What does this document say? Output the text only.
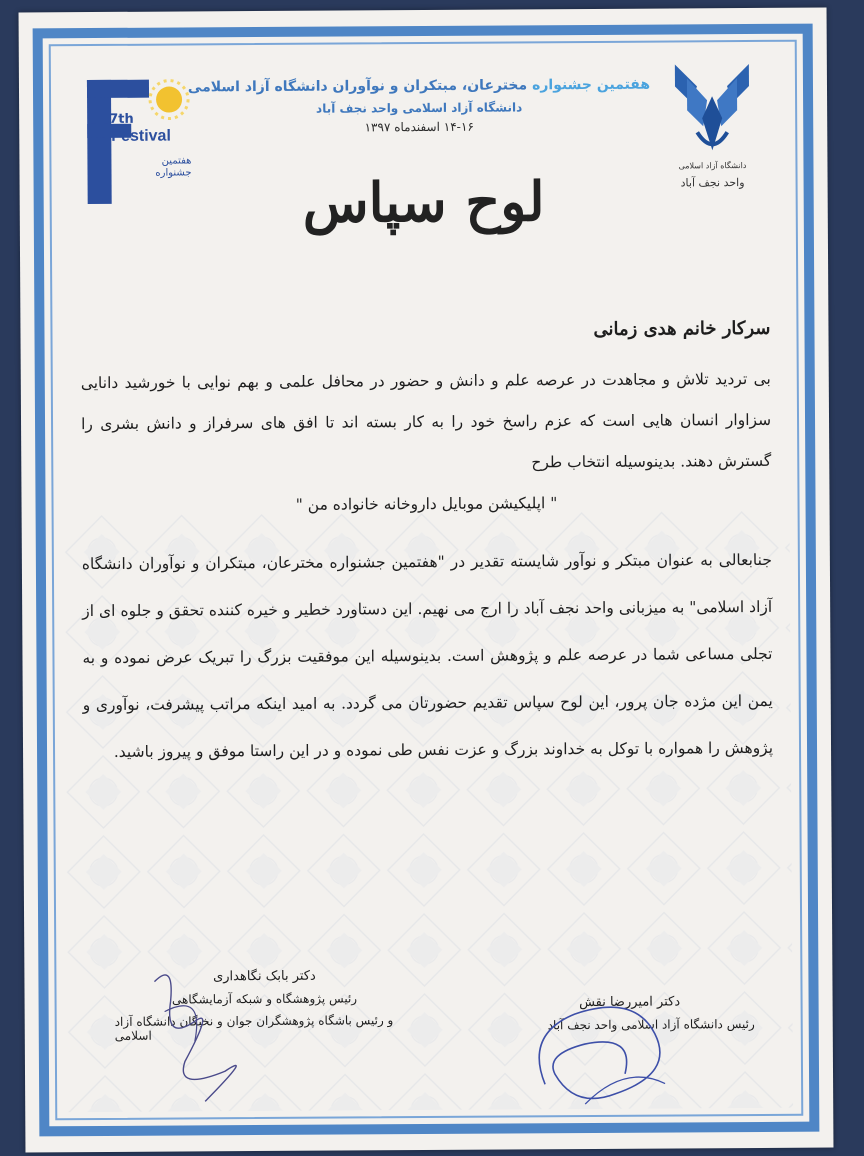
7th
Festival
هفتمین جشنواره
دانشگاه آزاد اسلامی
واحد نجف آباد

هفتمین جشنواره مخترعان، مبتکران و نوآوران دانشگاه آزاد اسلامی

دانشگاه آزاد اسلامی واحد نجف آباد

۱۴-۱۶ اسفندماه ۱۳۹۷

لوح سپاس

سرکار خانم هدی زمانی

بی تردید تلاش و مجاهدت در عرصه علم و دانش و حضور در محافل علمی و بهم نوایی با خورشید دانایی سزاوار انسان هایی است که عزم راسخ خود را به کار بسته اند تا افق های سرفراز و دانش بشری را گسترش دهند. بدینوسیله انتخاب طرح

" اپلیکیشن موبایل داروخانه خانواده من "

جنابعالی به عنوان مبتکر و نوآور شایسته تقدیر در "هفتمین جشنواره مخترعان، مبتکران و نوآوران دانشگاه آزاد اسلامی" به میزبانی واحد نجف آباد را ارج می نهیم. این دستاورد خطیر و خیره کننده تحقق و جلوه ای از تجلی مساعی شما در عرصه علم و پژوهش است. بدینوسیله این موفقیت بزرگ را تبریک عرض نموده و به یمن این مژده جان پرور، این لوح سپاس تقدیم حضورتان می گردد. به امید اینکه مراتب پیشرفت، نوآوری و پژوهش را همواره با توکل به خداوند بزرگ و عزت نفس طی نموده و در این راستا موفق و پیروز باشید.

دکتر بابک نگاهداری
رئیس پژوهشگاه و شبکه آزمایشگاهی
و رئیس باشگاه پژوهشگران جوان و نخبگان دانشگاه آزاد اسلامی
دکتر امیررضا نقش
رئیس دانشگاه آزاد اسلامی واحد نجف آباد
